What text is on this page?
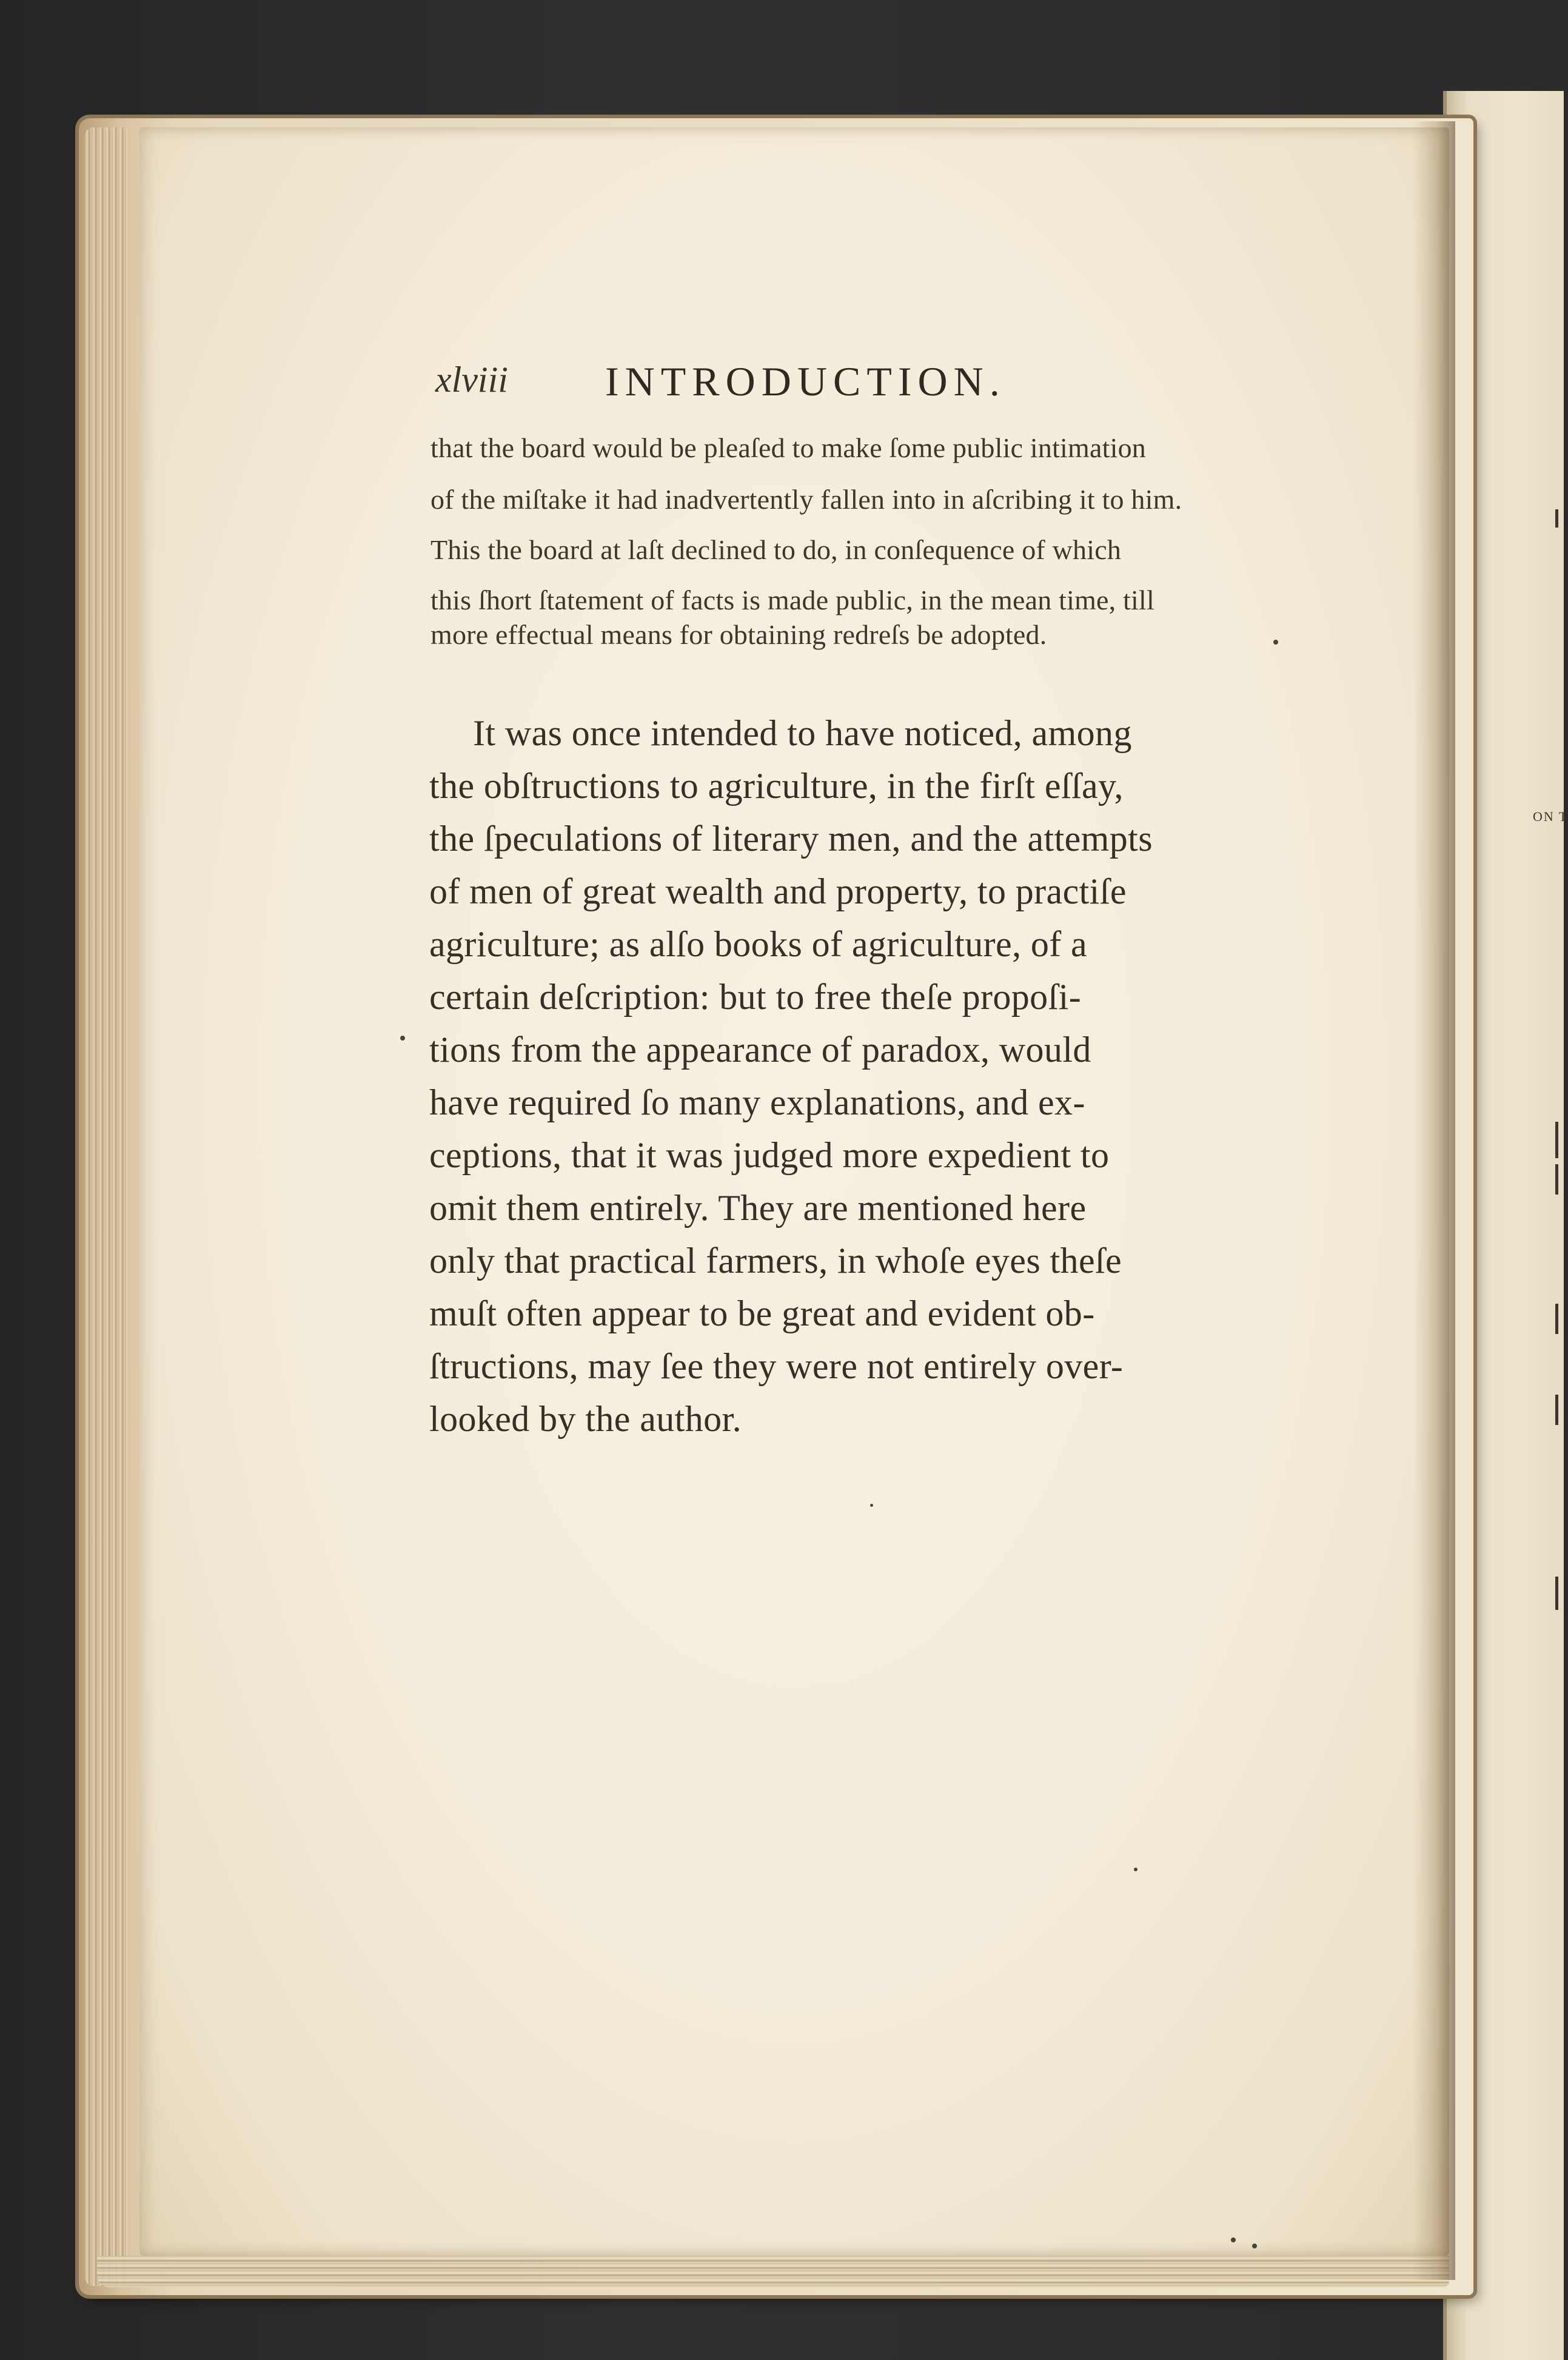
ON T
xlviii INTRODUCTION.
that the board would be pleaſed to make ſome public intimation
of the miſtake it had inadvertently fallen into in aſcribing it to him.
This the board at laſt declined to do, in conſequence of which
this ſhort ſtatement of facts is made public, in the mean time, till
more effectual means for obtaining redreſs be adopted.
It was once intended to have noticed, among
the obſtructions to agriculture, in the firſt eſſay,
the ſpeculations of literary men, and the attempts
of men of great wealth and property, to practiſe
agriculture; as alſo books of agriculture, of a
certain deſcription: but to free theſe propoſi-
tions from the appearance of paradox, would
have required ſo many explanations, and ex-
ceptions, that it was judged more expedient to
omit them entirely. They are mentioned here
only that practical farmers, in whoſe eyes theſe
muſt often appear to be great and evident ob-
ſtructions, may ſee they were not entirely over-
looked by the author.
